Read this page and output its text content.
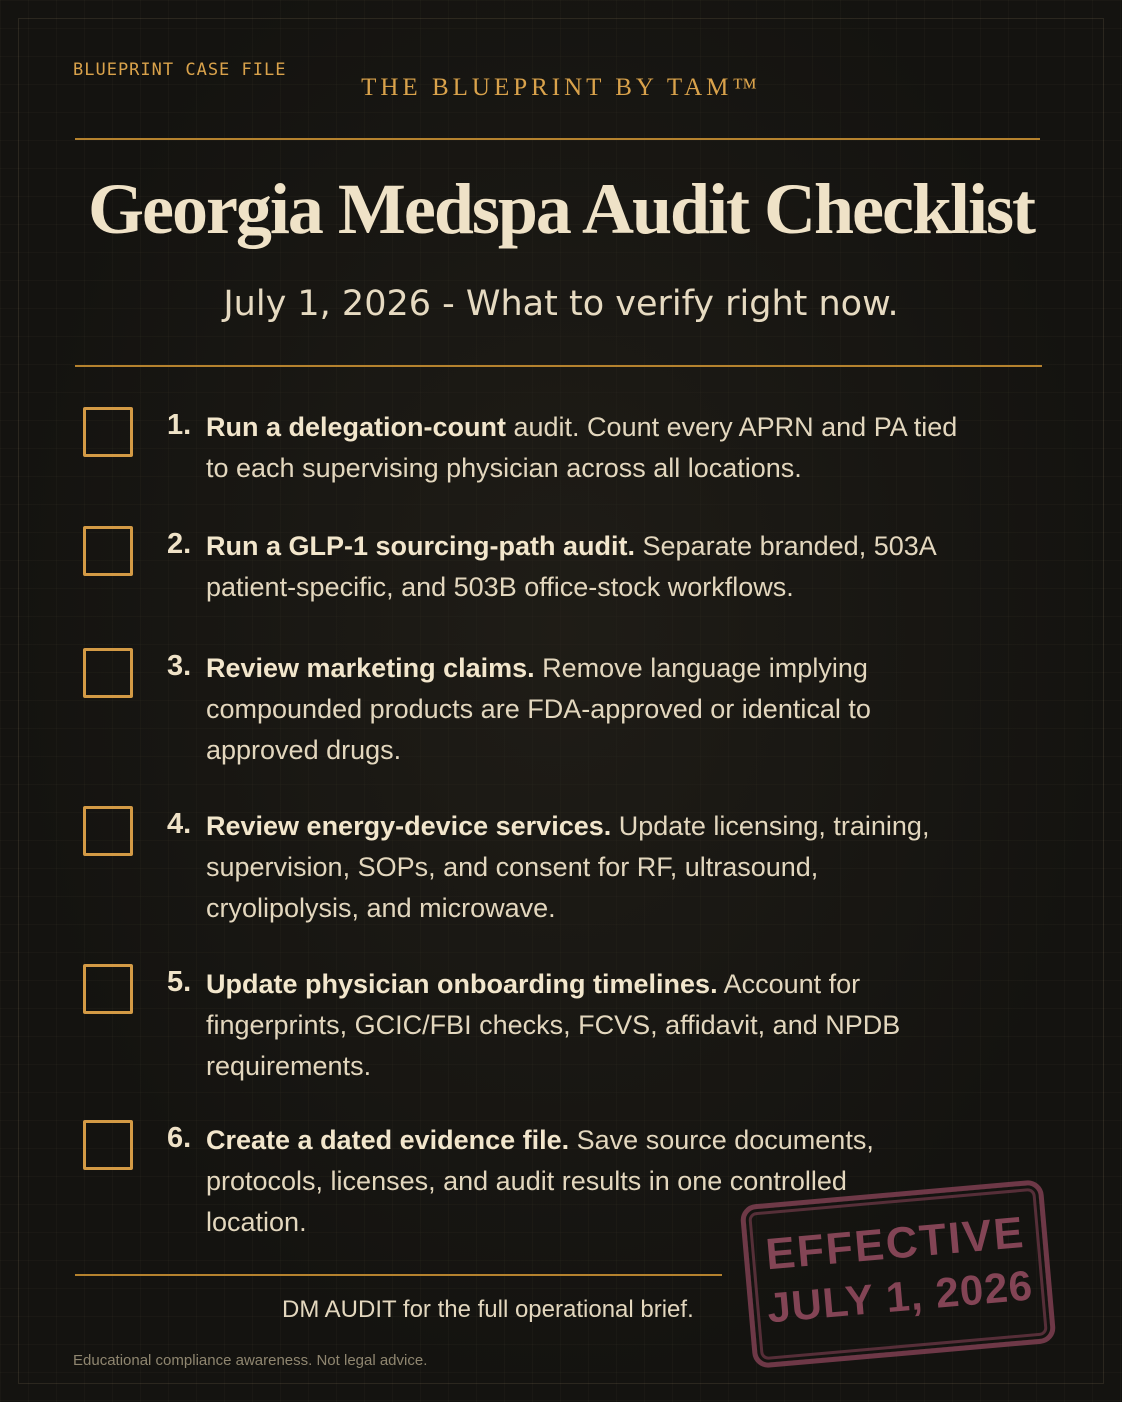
BLUEPRINT CASE FILE
THE BLUEPRINT BY TAM™
Georgia Medspa Audit Checklist
July 1, 2026 - What to verify right now.
1. Run a delegation-count audit. Count every APRN and PA tied to each supervising physician across all locations.
2. Run a GLP-1 sourcing-path audit. Separate branded, 503A patient-specific, and 503B office-stock workflows.
3. Review marketing claims. Remove language implying compounded products are FDA-approved or identical to approved drugs.
4. Review energy-device services. Update licensing, training, supervision, SOPs, and consent for RF, ultrasound, cryolipolysis, and microwave.
5. Update physician onboarding timelines. Account for fingerprints, GCIC/FBI checks, FCVS, affidavit, and NPDB requirements.
6. Create a dated evidence file. Save source documents, protocols, licenses, and audit results in one controlled location.
DM AUDIT for the full operational brief.
Educational compliance awareness. Not legal advice.
EFFECTIVE
JULY 1, 2026
